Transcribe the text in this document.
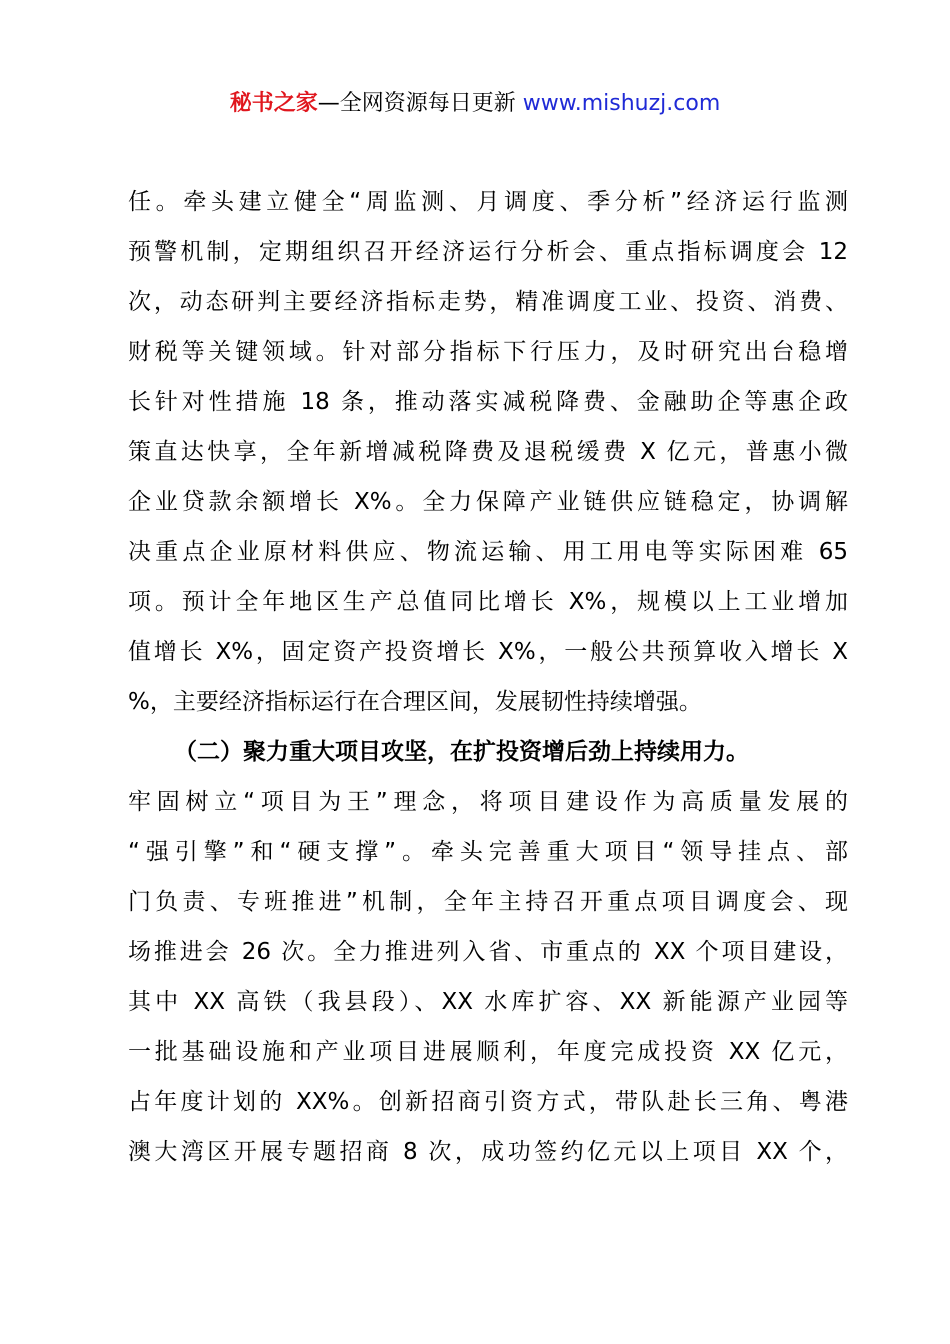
秘书之家—全网资源每日更新 www.mishuzj.com
任。牵头建立健全“周监测、月调度、季分析”经济运行监测
预警机制，定期组织召开经济运行分析会、重点指标调度会 12
次，动态研判主要经济指标走势，精准调度工业、投资、消费、
财税等关键领域。针对部分指标下行压力，及时研究出台稳增
长针对性措施 18 条，推动落实减税降费、金融助企等惠企政
策直达快享，全年新增减税降费及退税缓费 X 亿元，普惠小微
企业贷款余额增长 X%。全力保障产业链供应链稳定，协调解
决重点企业原材料供应、物流运输、用工用电等实际困难 65
项。预计全年地区生产总值同比增长 X%，规模以上工业增加
值增长 X%，固定资产投资增长 X%，一般公共预算收入增长 X
%，主要经济指标运行在合理区间，发展韧性持续增强。
（二）聚力重大项目攻坚，在扩投资增后劲上持续用力。
牢固树立“项目为王”理念，将项目建设作为高质量发展的
“强引擎”和“硬支撑”。牵头完善重大项目“领导挂点、部
门负责、专班推进”机制，全年主持召开重点项目调度会、现
场推进会 26 次。全力推进列入省、市重点的 XX 个项目建设，
其中 XX 高铁（我县段）、XX 水库扩容、XX 新能源产业园等
一批基础设施和产业项目进展顺利，年度完成投资 XX 亿元，
占年度计划的 XX%。创新招商引资方式，带队赴长三角、粤港
澳大湾区开展专题招商 8 次，成功签约亿元以上项目 XX 个，
